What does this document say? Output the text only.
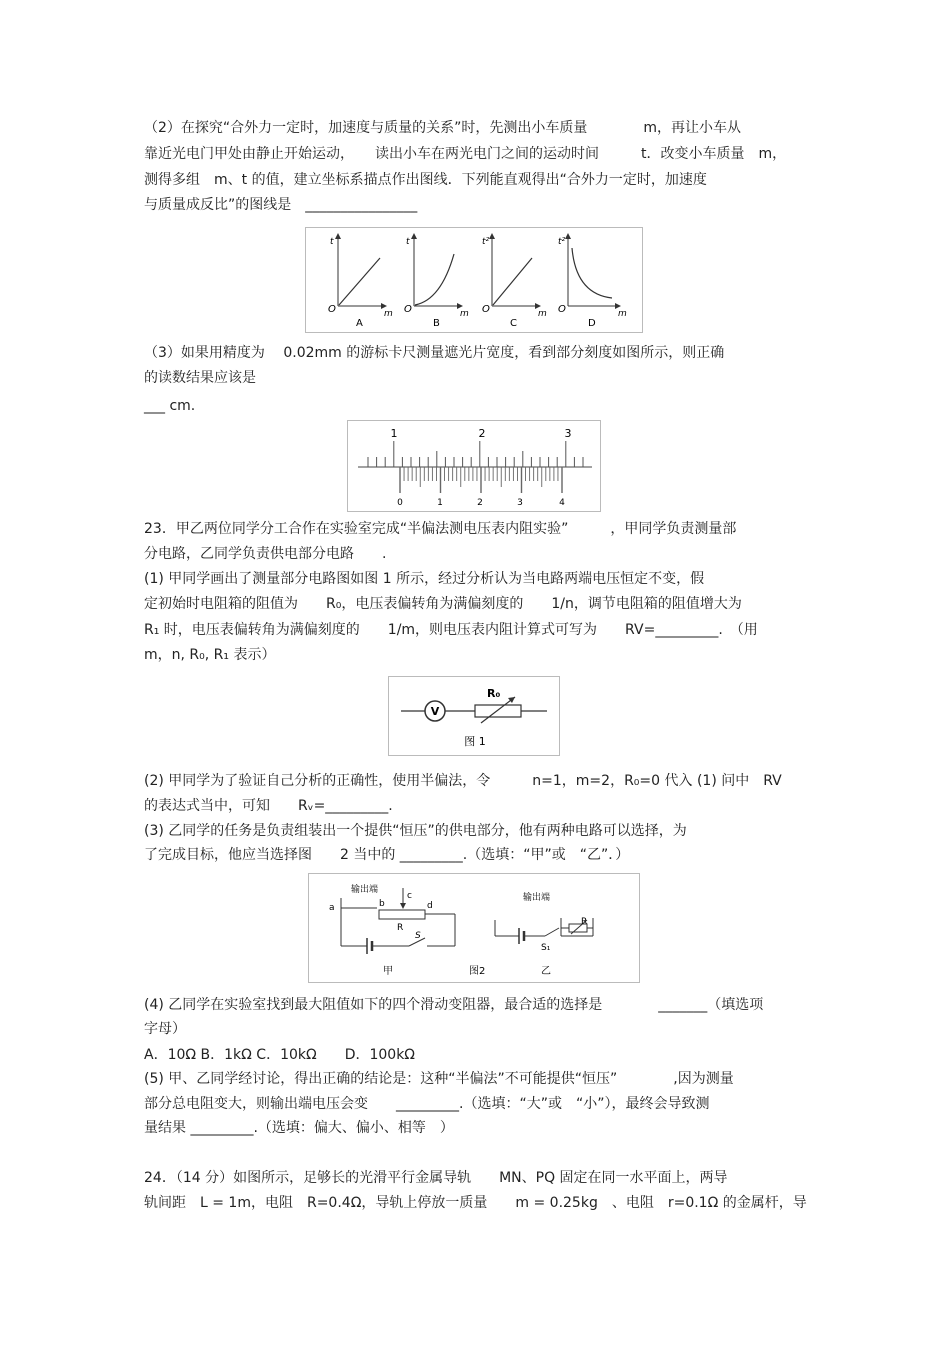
（2）在探究“合外力一定时，加速度与质量的关系”时，先测出小车质量　　　　m，再让小车从
靠近光电门甲处由静止开始运动，　　读出小车在两光电门之间的运动时间　　　t．改变小车质量　m，
测得多组　m、t 的值，建立坐标系描点作出图线．下列能直观得出“合外力一定时，加速度
与质量成反比”的图线是　________________
t
m
O
A
t
m
O
B
t²
m
O
C
t²
m
O
D
（3）如果用精度为　 0.02mm 的游标卡尺测量遮光片宽度，看到部分刻度如图所示，则正确
的读数结果应该是
___ cm.
1	2	3
0	1	2	3	4
23．甲乙两位同学分工合作在实验室完成“半偏法测电压表内阻实验”　　　，甲同学负责测量部
分电路，乙同学负责供电部分电路　　.
(1) 甲同学画出了测量部分电路图如图 1 所示，经过分析认为当电路两端电压恒定不变，假
定初始时电阻箱的阻值为　　R₀，电压表偏转角为满偏刻度的　　1/n，调节电阻箱的阻值增大为
R₁ 时，电压表偏转角为满偏刻度的　　1/m，则电压表内阻计算式可写为　　RV=_________.　（用
m，n, R₀, R₁ 表示）
V
R₀
图 1
(2) 甲同学为了验证自己分析的正确性，使用半偏法，令　　　n=1，m=2，R₀=0 代入 (1) 问中　RV
的表达式当中，可知　　Rᵥ=_________.
(3) 乙同学的任务是负责组装出一个提供“恒压”的供电部分，他有两种电路可以选择，为
了完成目标，他应当选择图　　2 当中的 _________.（选填：“甲”或　“乙”．）
输出端
a	b	d
c
R
S
甲	图2
输出端
S₁
R
乙
(4) 乙同学在实验室找到最大阻值如下的四个滑动变阻器，最合适的选择是　　　　_______（填选项
字母）
A．10Ω B．1kΩ C．10kΩ　　D．100kΩ
(5) 甲、乙同学经讨论，得出正确的结论是：这种“半偏法”不可能提供“恒压”　　　　,因为测量
部分总电阻变大，则输出端电压会变　　_________.（选填：“大”或　“小”），最终会导致测
量结果 _________.（选填：偏大、偏小、相等　）
24．（14 分）如图所示，足够长的光滑平行金属导轨　　MN、PQ 固定在同一水平面上，两导
轨间距　L = 1m，电阻　R=0.4Ω，导轨上停放一质量　　m = 0.25kg　、电阻　r=0.1Ω 的金属杆，导
